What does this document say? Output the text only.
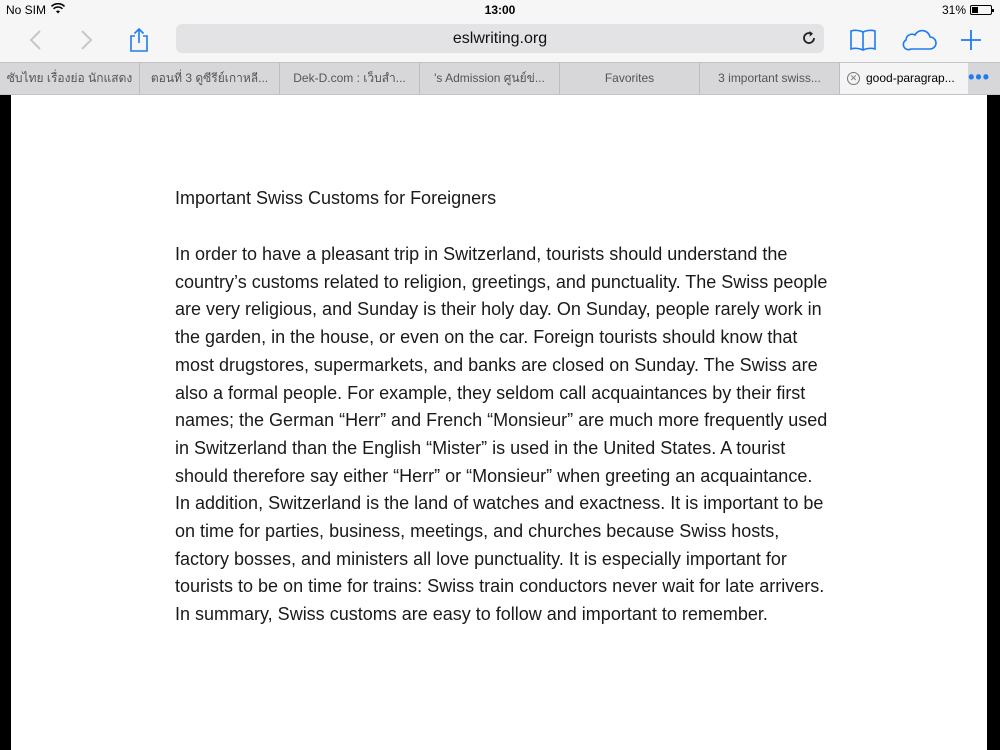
No SIM	13:00	31%
eslwriting.org
ซับไทย เรื่องย่อ นักแสดง	ตอนที่ 3 ดูซีรีย์เกาหลี...	Dek-D.com : เว็บสำ...	's Admission ศูนย์ข่...	Favorites	3 important swiss...	✕ good-paragrap... •••
Important Swiss Customs for Foreigners
In order to have a pleasant trip in Switzerland, tourists should understand the country’s customs related to religion, greetings, and punctuality. The Swiss people are very religious, and Sunday is their holy day. On Sunday, people rarely work in the garden, in the house, or even on the car. Foreign tourists should know that most drugstores, supermarkets, and banks are closed on Sunday. The Swiss are also a formal people. For example, they seldom call acquaintances by their first names; the German “Herr” and French “Monsieur” are much more frequently used in Switzerland than the English “Mister” is used in the United States. A tourist should therefore say either “Herr” or “Monsieur” when greeting an acquaintance. In addition, Switzerland is the land of watches and exactness. It is important to be on time for parties, business, meetings, and churches because Swiss hosts, factory bosses, and ministers all love punctuality. It is especially important for tourists to be on time for trains: Swiss train conductors never wait for late arrivers. In summary, Swiss customs are easy to follow and important to remember.
